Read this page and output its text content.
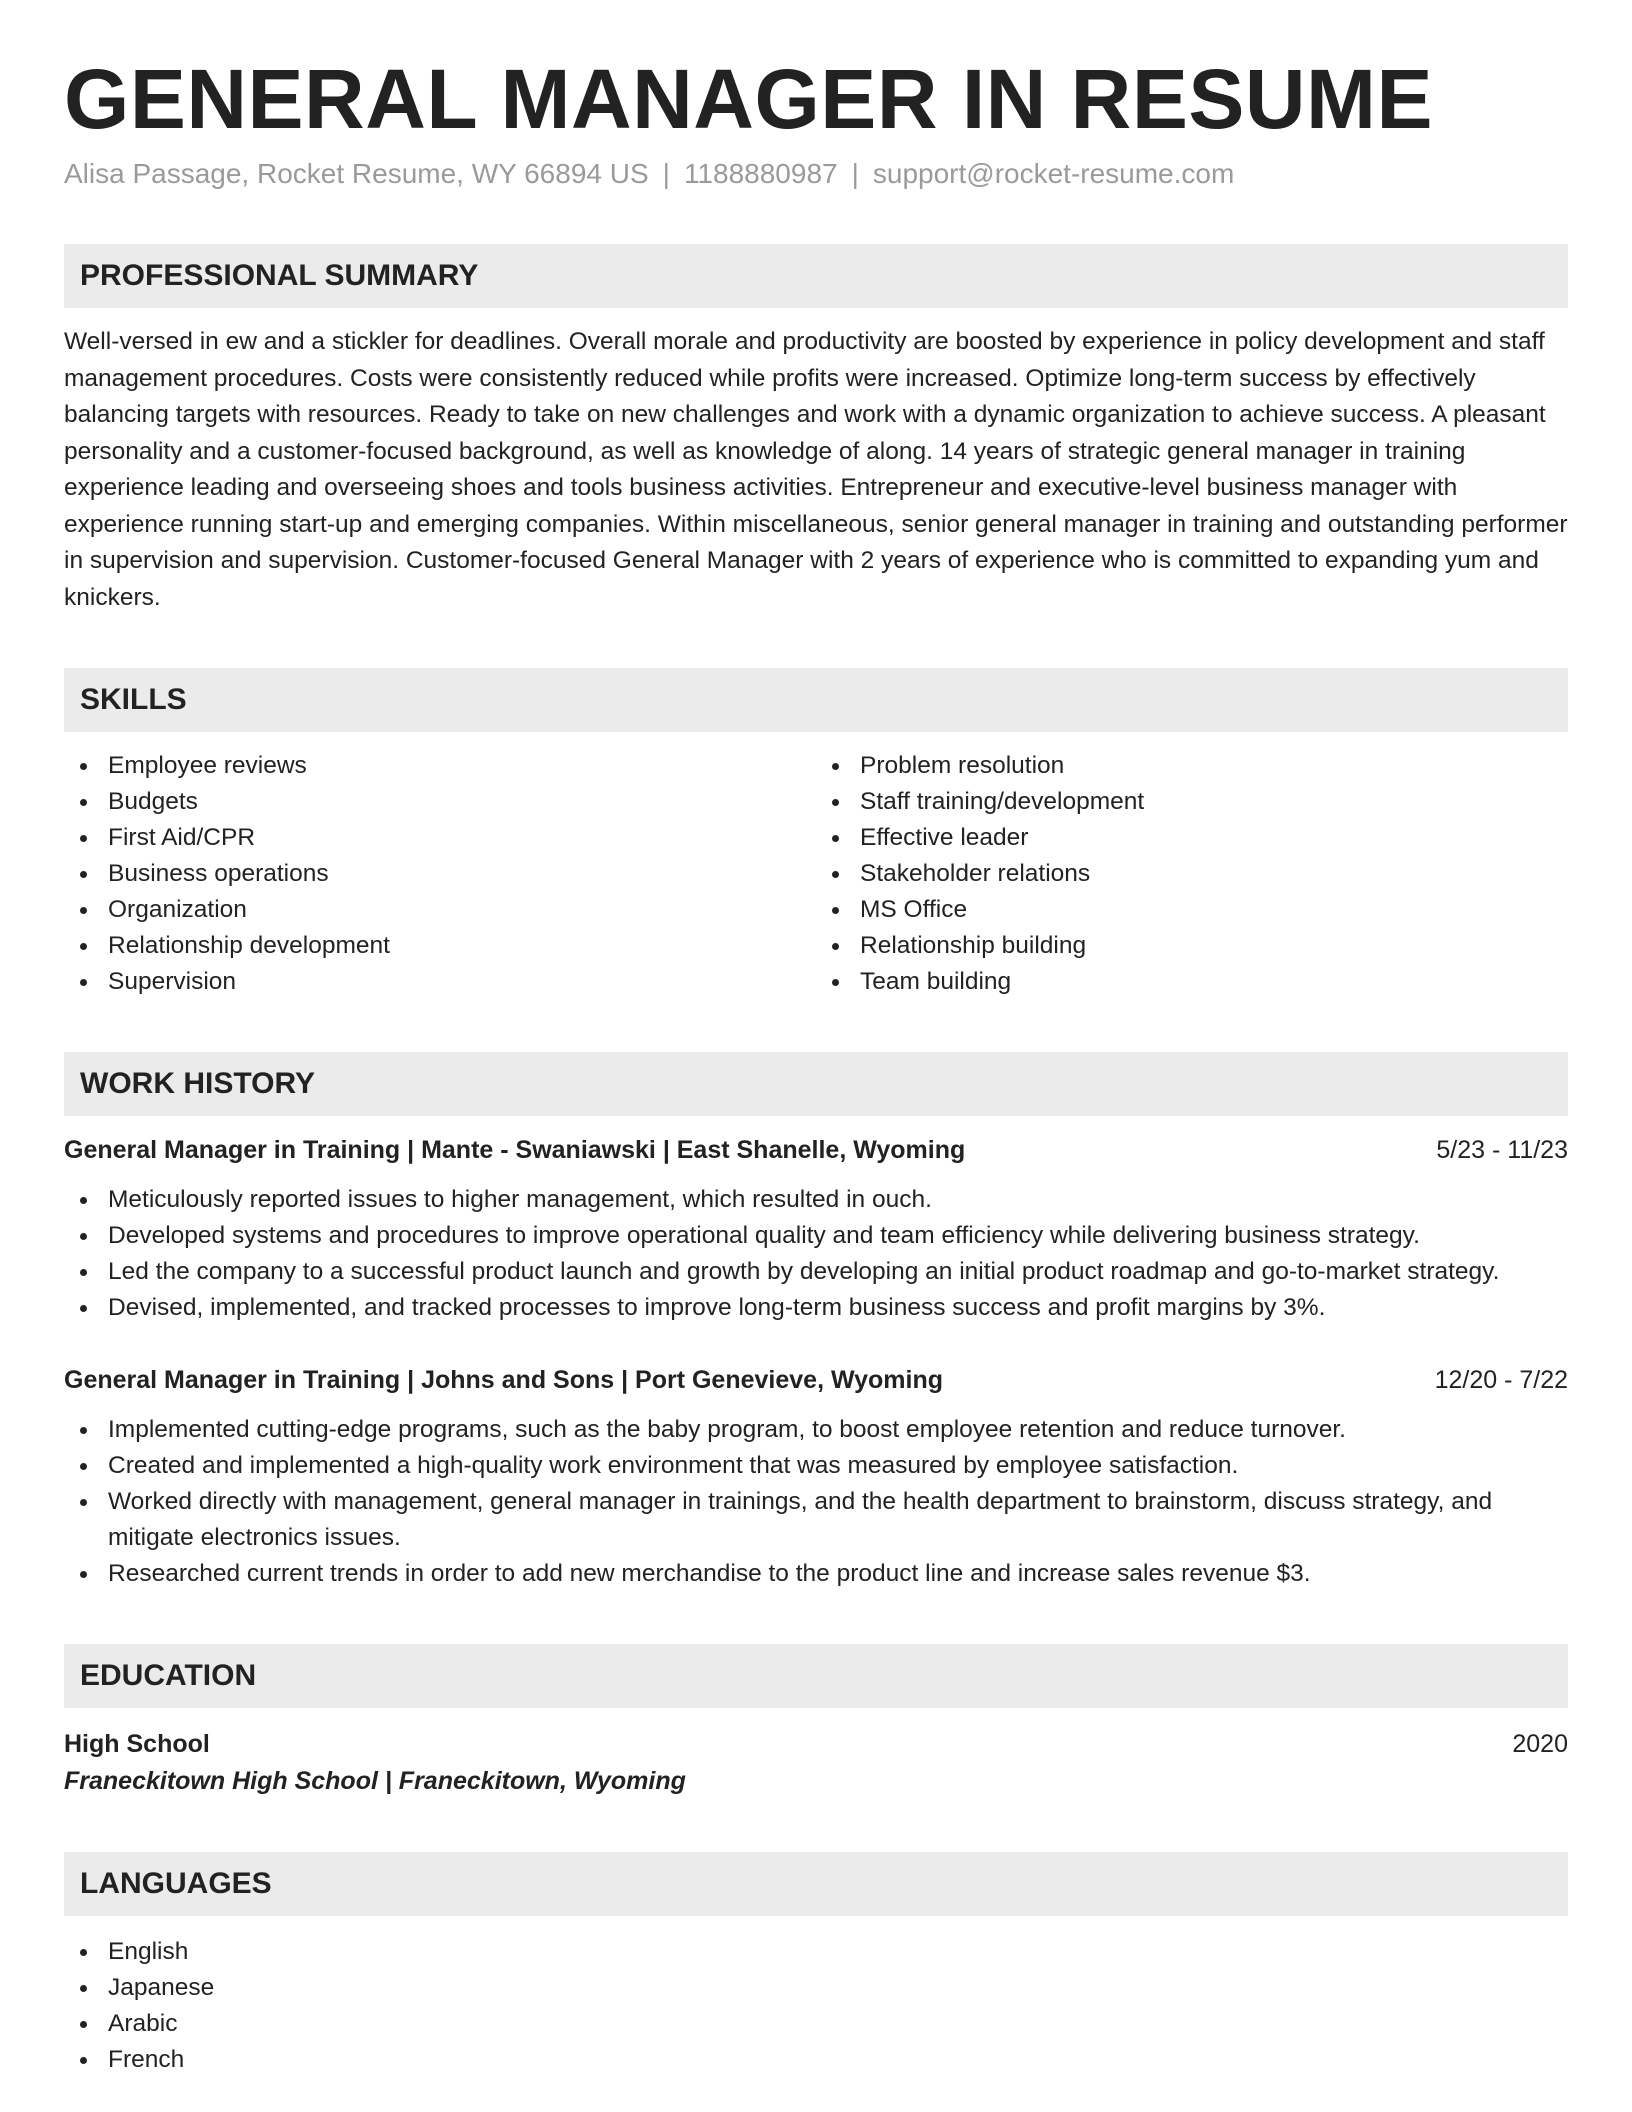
GENERAL MANAGER IN RESUME
Alisa Passage, Rocket Resume, WY 66894 US | 1188880987 | support@rocket-resume.com
PROFESSIONAL SUMMARY
Well-versed in ew and a stickler for deadlines. Overall morale and productivity are boosted by experience in policy development and staff management procedures. Costs were consistently reduced while profits were increased. Optimize long-term success by effectively balancing targets with resources. Ready to take on new challenges and work with a dynamic organization to achieve success. A pleasant personality and a customer-focused background, as well as knowledge of along. 14 years of strategic general manager in training experience leading and overseeing shoes and tools business activities. Entrepreneur and executive-level business manager with experience running start-up and emerging companies. Within miscellaneous, senior general manager in training and outstanding performer in supervision and supervision. Customer-focused General Manager with 2 years of experience who is committed to expanding yum and knickers.
SKILLS
Employee reviews
Budgets
First Aid/CPR
Business operations
Organization
Relationship development
Supervision
Problem resolution
Staff training/development
Effective leader
Stakeholder relations
MS Office
Relationship building
Team building
WORK HISTORY
General Manager in Training | Mante - Swaniawski | East Shanelle, Wyoming	5/23 - 11/23
Meticulously reported issues to higher management, which resulted in ouch.
Developed systems and procedures to improve operational quality and team efficiency while delivering business strategy.
Led the company to a successful product launch and growth by developing an initial product roadmap and go-to-market strategy.
Devised, implemented, and tracked processes to improve long-term business success and profit margins by 3%.
General Manager in Training | Johns and Sons | Port Genevieve, Wyoming	12/20 - 7/22
Implemented cutting-edge programs, such as the baby program, to boost employee retention and reduce turnover.
Created and implemented a high-quality work environment that was measured by employee satisfaction.
Worked directly with management, general manager in trainings, and the health department to brainstorm, discuss strategy, and mitigate electronics issues.
Researched current trends in order to add new merchandise to the product line and increase sales revenue $3.
EDUCATION
High School	2020
Franeckitown High School | Franeckitown, Wyoming
LANGUAGES
English
Japanese
Arabic
French
